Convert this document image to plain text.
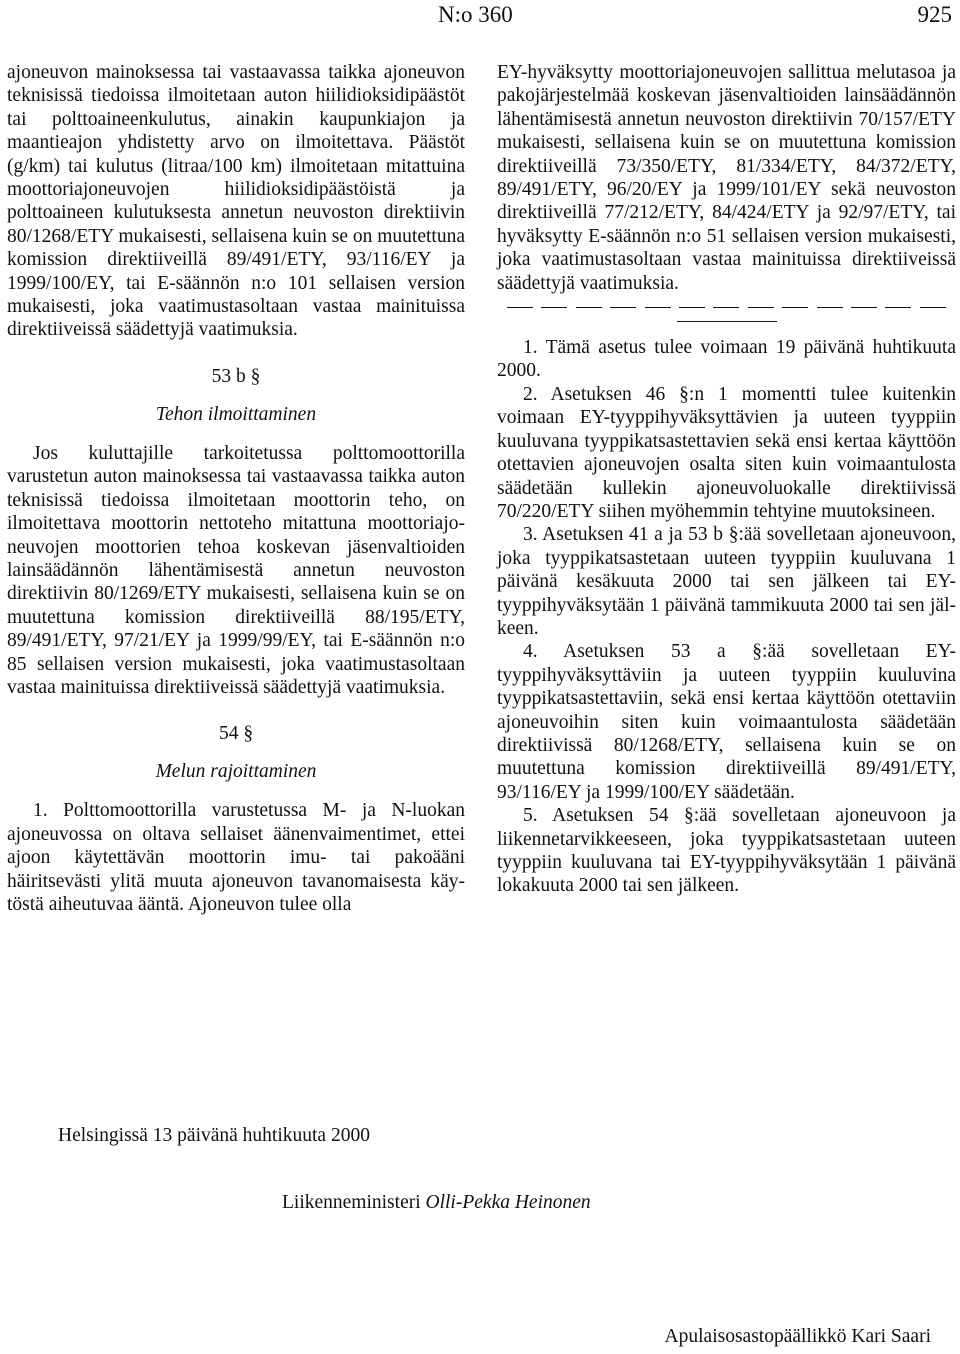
N:o 360	925

ajoneuvon mainoksessa tai vastaavassa taikka ajoneuvon teknisissä tiedoissa ilmoitetaan auton hiilidioksidipäästöt tai polttoaineenkulutus, ainakin kaupunkiajon ja maantieajon yhdistetty arvo on ilmoitettava. Päästöt (g/km) tai kulutus (litraa/100 km) ilmoitetaan mitattuina moottoriajoneuvojen hiilidioksidipäästöistä ja polttoaineen kulutuksesta annetun neuvoston direktiivin 80/1268/ETY mukaisesti, sellaisena kuin se on muutettuna komission direktiiveillä 89/491/ETY, 93/116/EY ja 1999/100/EY, tai E-säännön n:o 101 sellaisen version mukaisesti, joka vaatimustasoltaan vastaa mainituissa direktiiveissä säädettyjä vaatimuksia.

53 b §
Tehon ilmoittaminen

Jos kuluttajille tarkoitetussa polttomoottorilla varustetun auton mainoksessa tai vastaavassa taikka auton teknisissä tiedoissa ilmoitetaan moottorin teho, on ilmoitettava moottorin nettoteho mitattuna moottoriajoneuvojen moottorien tehoa koskevan jäsenvaltioiden lainsäädännön lähentämisestä annetun neuvoston direktiivin 80/1269/ETY mukaisesti, sellaisena kuin se on muutettuna komission direktiiveillä 88/195/ETY, 89/491/ETY, 97/21/EY ja 1999/99/EY, tai E-säännön n:o 85 sellaisen version mukaisesti, joka vaatimustasoltaan vastaa mainituissa direktiiveissä säädettyjä vaatimuksia.

54 §
Melun rajoittaminen

1. Polttomoottorilla varustetussa M- ja N-luokan ajoneuvossa on oltava sellaiset äänenvaimentimet, ettei ajoon käytettävän moottorin imu- tai pakoääni häiritsevästi ylitä muuta ajoneuvon tavanomaisesta käytöstä aiheutuvaa ääntä. Ajoneuvon tulee olla

EY-hyväksytty moottoriajoneuvojen sallittua melutasoa ja pakojärjestelmää koskevan jäsenvaltioiden lainsäädännön lähentämisestä annetun neuvoston direktiivin 70/157/ETY mukaisesti, sellaisena kuin se on muutettuna komission direktiiveillä 73/350/ETY, 81/334/ETY, 84/372/ETY, 89/491/ETY, 96/20/EY ja 1999/101/EY sekä neuvoston direktiiveillä 77/212/ETY, 84/424/ETY ja 92/97/ETY, tai hyväksytty E-säännön n:o 51 sellaisen version mukaisesti, joka vaatimustasoltaan vastaa mainituissa direktiiveissä säädettyjä vaatimuksia.

1. Tämä asetus tulee voimaan 19 päivänä huhtikuuta 2000.

2. Asetuksen 46 §:n 1 momentti tulee kuitenkin voimaan EY-tyyppihyväksyttävien ja uuteen tyyppiin kuuluvana tyyppikatsastettavien sekä ensi kertaa käyttöön otettavien ajoneuvojen osalta siten kuin voimaantulosta säädetään kullekin ajoneuvoluokalle direktiivissä 70/220/ETY siihen myöhemmin tehtyine muutoksineen.

3. Asetuksen 41 a ja 53 b §:ää sovelletaan ajoneuvoon, joka tyyppikatsastetaan uuteen tyyppiin kuuluvana 1 päivänä kesäkuuta 2000 tai sen jälkeen tai EY-tyyppihyväksytään 1 päivänä tammikuuta 2000 tai sen jälkeen.

4. Asetuksen 53 a §:ää sovelletaan EY-tyyppihyväksyttäviin ja uuteen tyyppiin kuuluvina tyyppikatsastettaviin, sekä ensi kertaa käyttöön otettaviin ajoneuvoihin siten kuin voimaantulosta säädetään direktiivissä 80/1268/ETY, sellaisena kuin se on muutettuna komission direktiiveillä 89/491/ETY, 93/116/EY ja 1999/100/EY säädetään.

5. Asetuksen 54 §:ää sovelletaan ajoneuvoon ja liikennetarvikkeeseen, joka tyyppikatsastetaan uuteen tyyppiin kuuluvana tai EY-tyyppihyväksytään 1 päivänä lokakuuta 2000 tai sen jälkeen.

Helsingissä 13 päivänä huhtikuuta 2000
Liikenneministeri Olli-Pekka Heinonen
Apulaisosastopäällikkö Kari Saari
